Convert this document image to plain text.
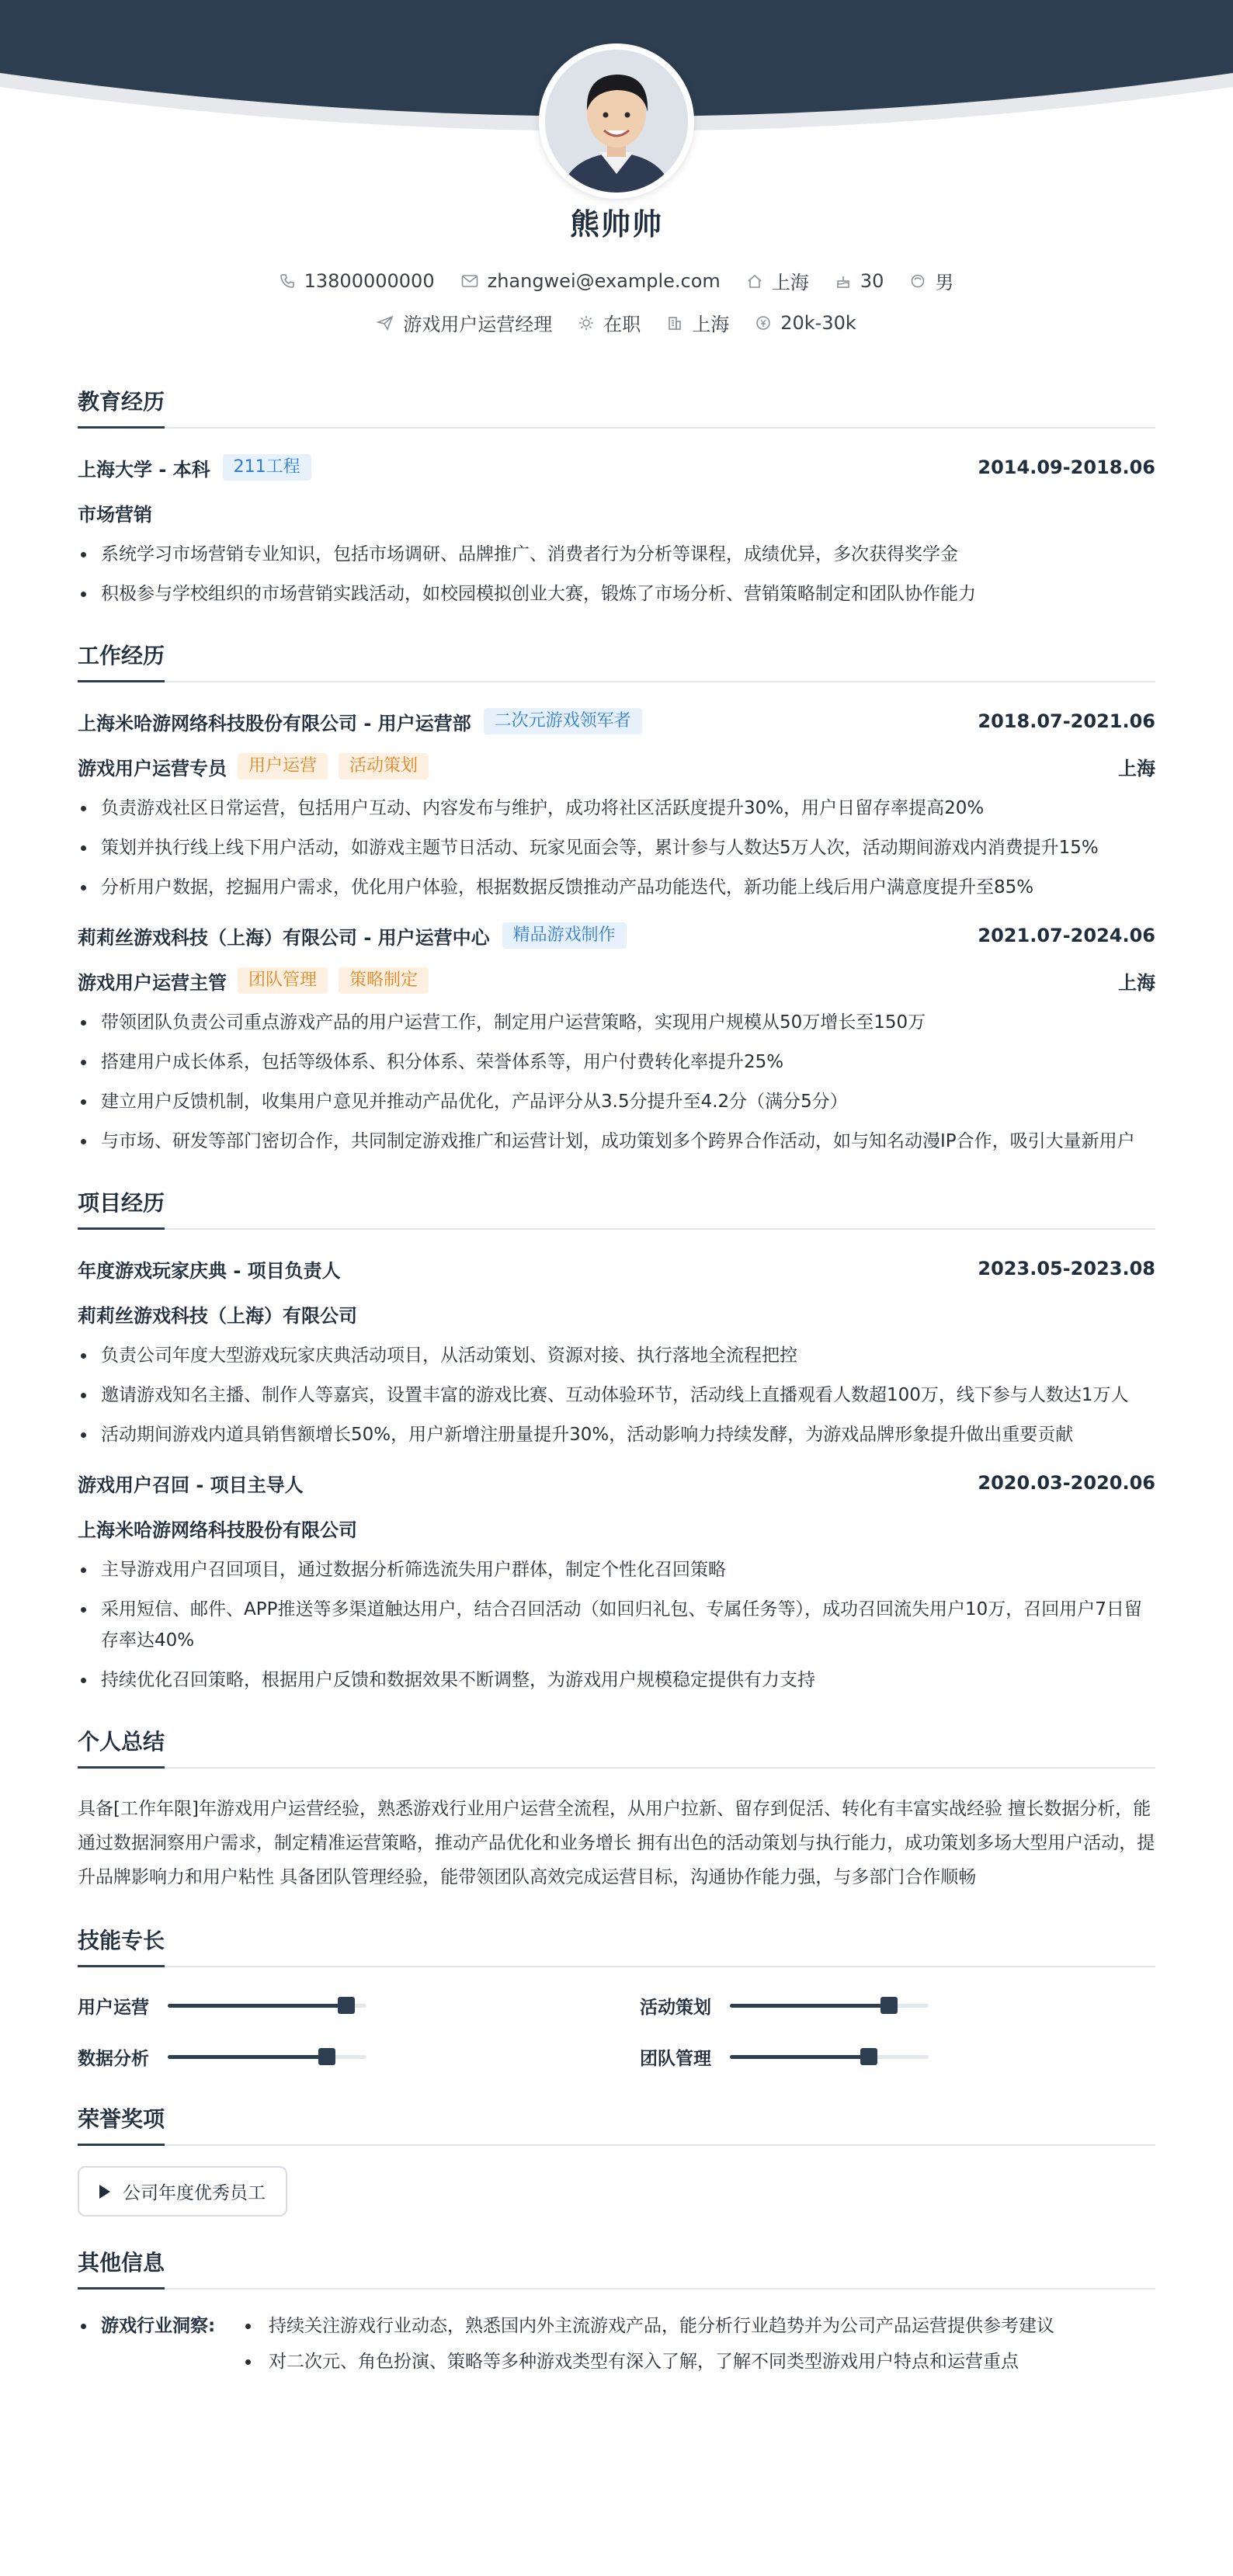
熊帅帅
13800000000	zhangwei@example.com	上海	30	男
游戏用户运营经理	在职	上海	20k-30k
教育经历
上海大学 - 本科	211工程	2014.09-2018.06
市场营销
系统学习市场营销专业知识，包括市场调研、品牌推广、消费者行为分析等课程，成绩优异，多次获得奖学金
积极参与学校组织的市场营销实践活动，如校园模拟创业大赛，锻炼了市场分析、营销策略制定和团队协作能力
工作经历
上海米哈游网络科技股份有限公司 - 用户运营部	二次元游戏领军者	2018.07-2021.06
游戏用户运营专员	用户运营	活动策划	上海
负责游戏社区日常运营，包括用户互动、内容发布与维护，成功将社区活跃度提升30%，用户日留存率提高20%
策划并执行线上线下用户活动，如游戏主题节日活动、玩家见面会等，累计参与人数达5万人次，活动期间游戏内消费提升15%
分析用户数据，挖掘用户需求，优化用户体验，根据数据反馈推动产品功能迭代，新功能上线后用户满意度提升至85%
莉莉丝游戏科技（上海）有限公司 - 用户运营中心	精品游戏制作	2021.07-2024.06
游戏用户运营主管	团队管理	策略制定	上海
带领团队负责公司重点游戏产品的用户运营工作，制定用户运营策略，实现用户规模从50万增长至150万
搭建用户成长体系，包括等级体系、积分体系、荣誉体系等，用户付费转化率提升25%
建立用户反馈机制，收集用户意见并推动产品优化，产品评分从3.5分提升至4.2分（满分5分）
与市场、研发等部门密切合作，共同制定游戏推广和运营计划，成功策划多个跨界合作活动，如与知名动漫IP合作，吸引大量新用户
项目经历
年度游戏玩家庆典 - 项目负责人	2023.05-2023.08
莉莉丝游戏科技（上海）有限公司
负责公司年度大型游戏玩家庆典活动项目，从活动策划、资源对接、执行落地全流程把控
邀请游戏知名主播、制作人等嘉宾，设置丰富的游戏比赛、互动体验环节，活动线上直播观看人数超100万，线下参与人数达1万人
活动期间游戏内道具销售额增长50%，用户新增注册量提升30%，活动影响力持续发酵，为游戏品牌形象提升做出重要贡献
游戏用户召回 - 项目主导人	2020.03-2020.06
上海米哈游网络科技股份有限公司
主导游戏用户召回项目，通过数据分析筛选流失用户群体，制定个性化召回策略
采用短信、邮件、APP推送等多渠道触达用户，结合召回活动（如回归礼包、专属任务等），成功召回流失用户10万，召回用户7日留存率达40%
持续优化召回策略，根据用户反馈和数据效果不断调整，为游戏用户规模稳定提供有力支持
个人总结

具备[工作年限]年游戏用户运营经验，熟悉游戏行业用户运营全流程，从用户拉新、留存到促活、转化有丰富实战经验 擅长数据分析，能通过数据洞察用户需求，制定精准运营策略，推动产品优化和业务增长 拥有出色的活动策划与执行能力，成功策划多场大型用户活动，提升品牌影响力和用户粘性 具备团队管理经验，能带领团队高效完成运营目标，沟通协作能力强，与多部门合作顺畅

技能专长
用户运营	活动策划
数据分析	团队管理
荣誉奖项
公司年度优秀员工
其他信息
游戏行业洞察:	持续关注游戏行业动态，熟悉国内外主流游戏产品，能分析行业趋势并为公司产品运营提供参考建议
对二次元、角色扮演、策略等多种游戏类型有深入了解，了解不同类型游戏用户特点和运营重点
